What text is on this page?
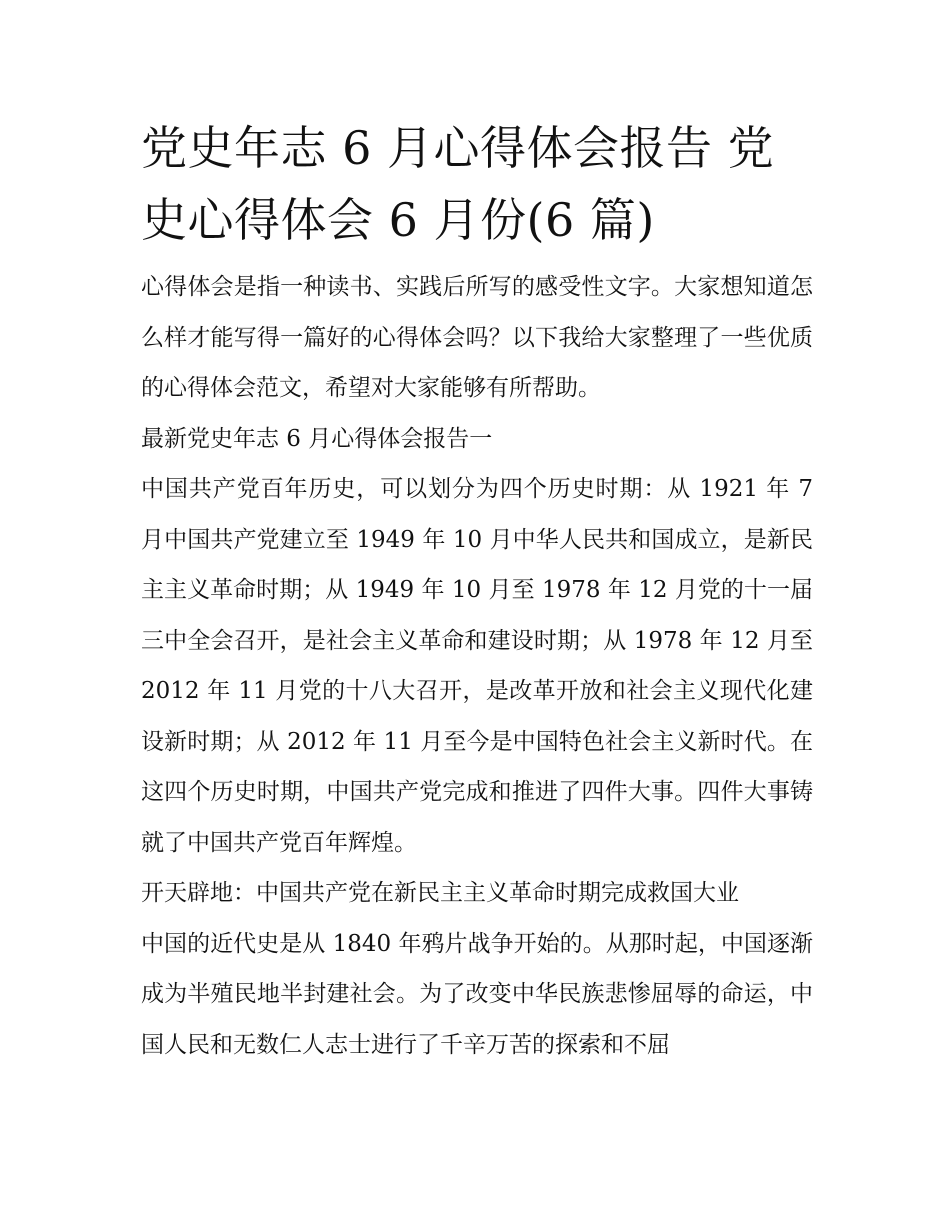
党史年志 6 月心得体会报告 党史心得体会 6 月份(6 篇)

心得体会是指一种读书、实践后所写的感受性文字。大家想知道怎么样才能写得一篇好的心得体会吗？以下我给大家整理了一些优质的心得体会范文，希望对大家能够有所帮助。

最新党史年志 6 月心得体会报告一

中国共产党百年历史，可以划分为四个历史时期：从 1921 年 7 月中国共产党建立至 1949 年 10 月中华人民共和国成立，是新民主主义革命时期；从 1949 年 10 月至 1978 年 12 月党的十一届三中全会召开，是社会主义革命和建设时期；从 1978 年 12 月至 2012 年 11 月党的十八大召开，是改革开放和社会主义现代化建设新时期；从 2012 年 11 月至今是中国特色社会主义新时代。在这四个历史时期，中国共产党完成和推进了四件大事。四件大事铸就了中国共产党百年辉煌。

开天辟地：中国共产党在新民主主义革命时期完成救国大业

中国的近代史是从 1840 年鸦片战争开始的。从那时起，中国逐渐成为半殖民地半封建社会。为了改变中华民族悲惨屈辱的命运，中国人民和无数仁人志士进行了千辛万苦的探索和不屈
